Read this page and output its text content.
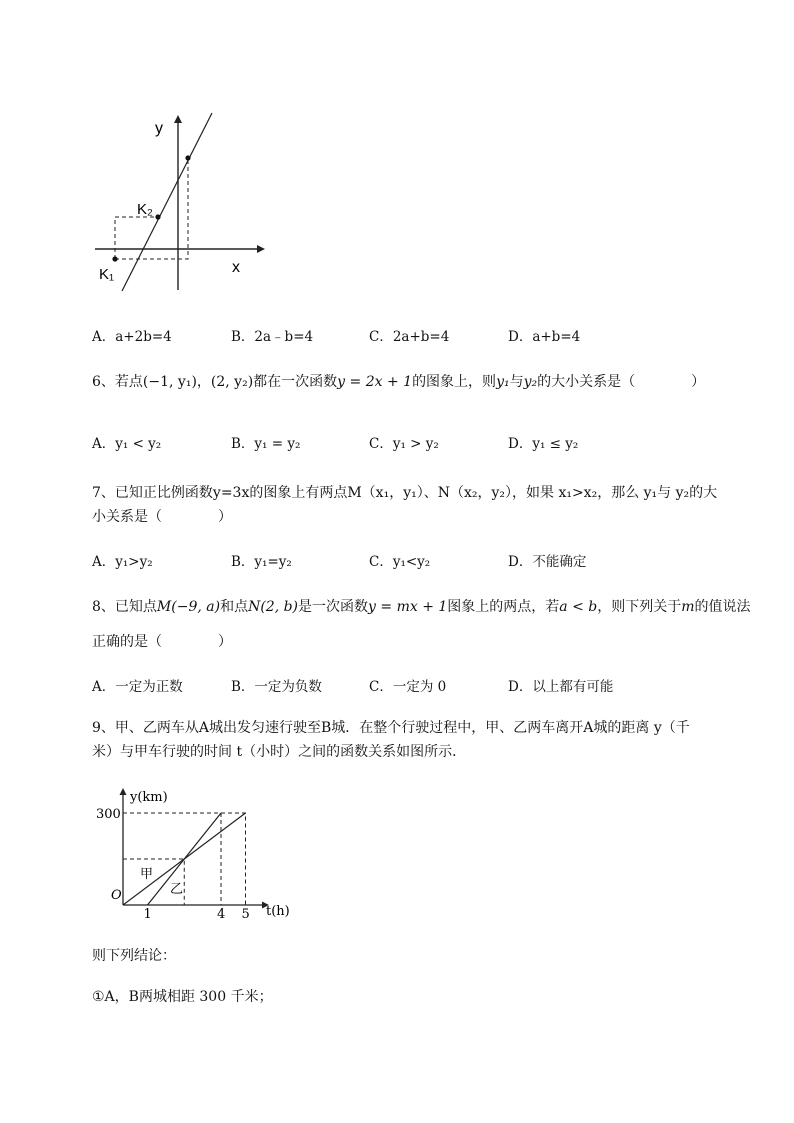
y
x
K₂
K₁
A．a+2b=4	B．2a﹣b=4	C．2a+b=4	D．a+b=4
6、若点(−1, y₁)，(2, y₂)都在一次函数y = 2x + 1的图象上，则y₁与y₂的大小关系是（　　　　）
A．y₁ < y₂	B．y₁ = y₂	C．y₁ > y₂	D．y₁ ≤ y₂
7、已知正比例函数y=3x的图象上有两点M（x₁，y₁）、N（x₂，y₂），如果 x₁>x₂，那么 y₁与 y₂的大
小关系是（　　　　）
A．y₁>y₂	B．y₁=y₂	C．y₁<y₂	D．不能确定
8、已知点M(−9, a)和点N(2, b)是一次函数y = mx + 1图象上的两点，若a < b，则下列关于m的值说法
正确的是（　　　　）
A．一定为正数	B．一定为负数	C．一定为 0	D．以上都有可能
9、甲、乙两车从A城出发匀速行驶至B城．在整个行驶过程中，甲、乙两车离开A城的距离 y（千
米）与甲车行驶的时间 t（小时）之间的函数关系如图所示．
y(km)
t(h)
O
300
1	4 5
甲
乙
则下列结论：
①A，B两城相距 300 千米；
